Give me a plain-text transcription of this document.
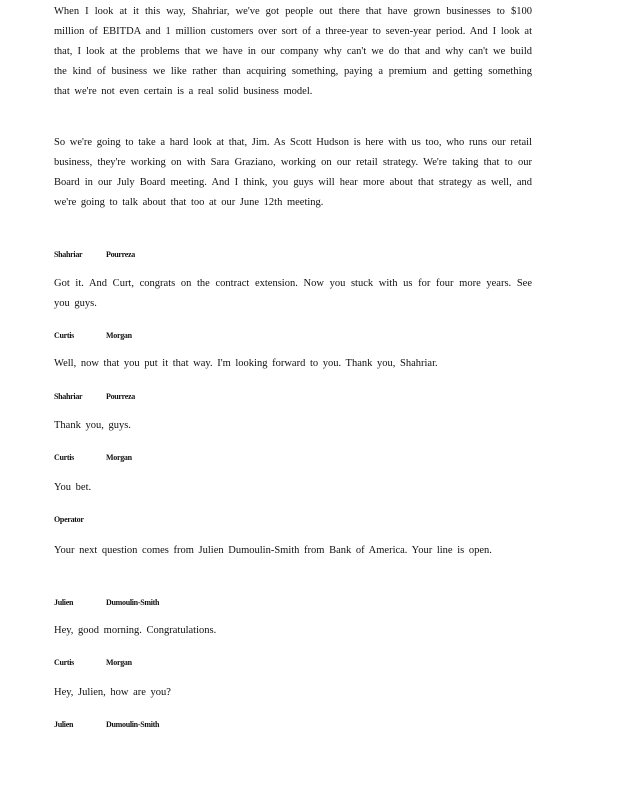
When I look at it this way, Shahriar, we've got people out there that have grown businesses to $100 million of EBITDA and 1 million customers over sort of a three-year to seven-year period. And I look at that, I look at the problems that we have in our company why can't we do that and why can't we build the kind of business we like rather than acquiring something, paying a premium and getting something that we're not even certain is a real solid business model.

So we're going to take a hard look at that, Jim. As Scott Hudson is here with us too, who runs our retail business, they're working on with Sara Graziano, working on our retail strategy. We're taking that to our Board in our July Board meeting. And I think, you guys will hear more about that strategy as well, and we're going to talk about that too at our June 12th meeting.

Shahriar	Pourreza

Got it. And Curt, congrats on the contract extension. Now you stuck with us for four more years. See you guys.

Curtis	Morgan

Well, now that you put it that way. I'm looking forward to you. Thank you, Shahriar.

Shahriar	Pourreza

Thank you, guys.

Curtis	Morgan

You bet.

Operator

Your next question comes from Julien Dumoulin-Smith from Bank of America. Your line is open.

Julien	Dumoulin-Smith

Hey, good morning. Congratulations.

Curtis	Morgan

Hey, Julien, how are you?

Julien	Dumoulin-Smith
